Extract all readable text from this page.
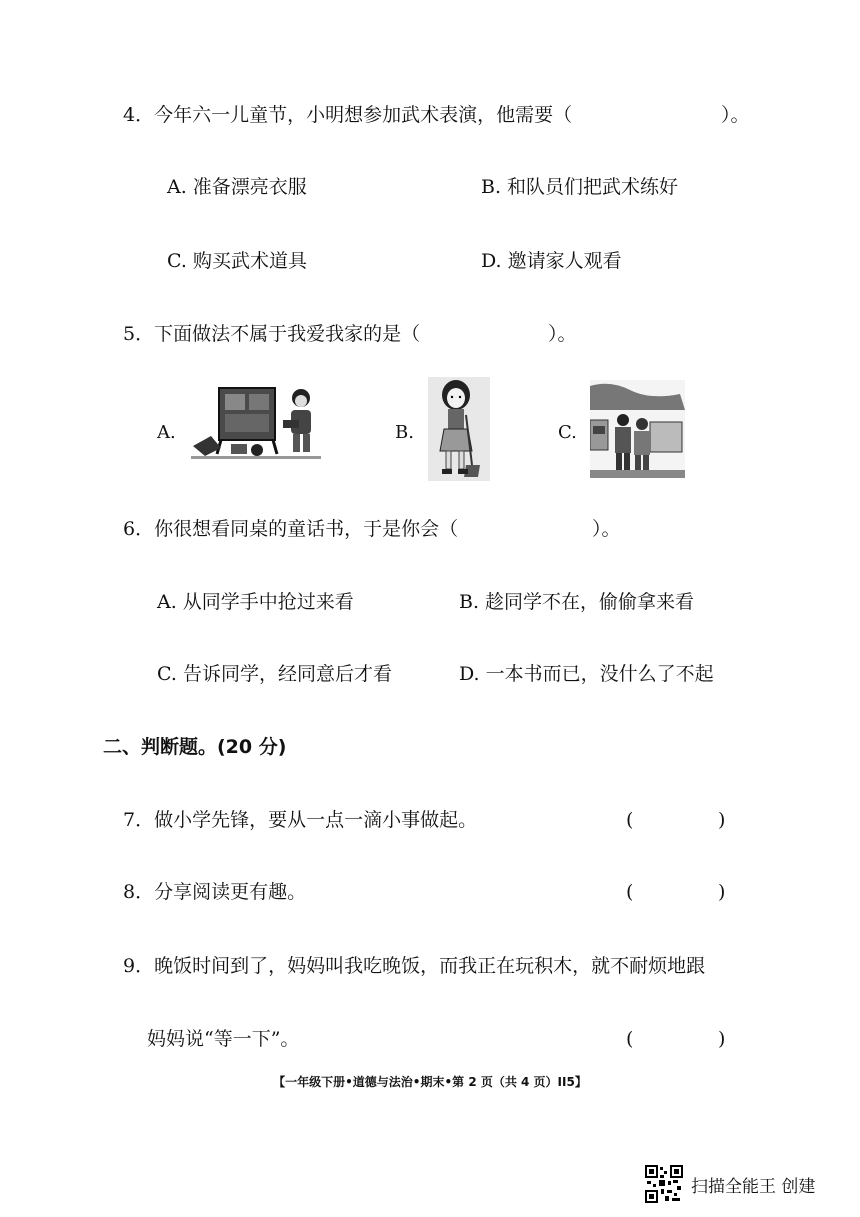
4．今年六一儿童节，小明想参加武术表演，他需要（	）。
A. 准备漂亮衣服	B. 和队员们把武术练好
C. 购买武术道具	D. 邀请家人观看
5．下面做法不属于我爱我家的是（	）。
A.	B.	C.
6．你很想看同桌的童话书，于是你会（	）。
A. 从同学手中抢过来看	B. 趁同学不在，偷偷拿来看
C. 告诉同学，经同意后才看	D. 一本书而已，没什么了不起
二、判断题。(20 分)
7．做小学先锋，要从一点一滴小事做起。	(	)
8．分享阅读更有趣。	(	)
9．晚饭时间到了，妈妈叫我吃晚饭，而我正在玩积木，就不耐烦地跟
妈妈说“等一下”。	(	)
【一年级下册•道德与法治•期末•第 2 页（共 4 页）II5】
扫描全能王 创建
